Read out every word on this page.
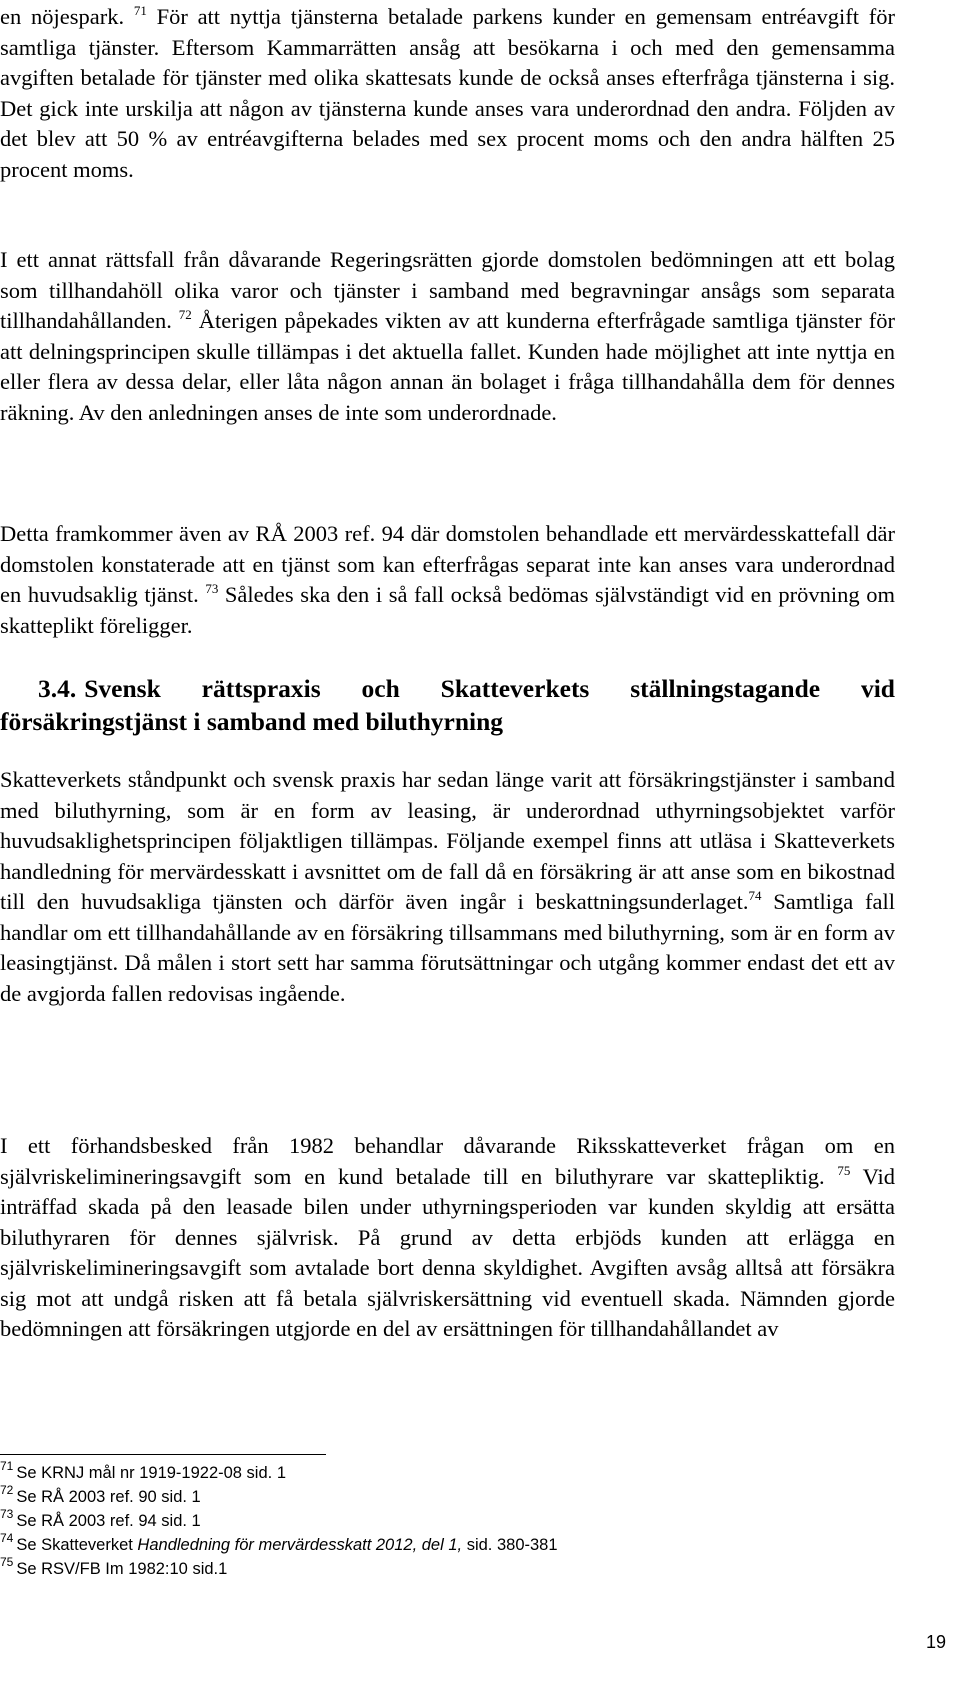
en nöjespark. $^{71}$ För att nyttja tjänsterna betalade parkens kunder en gemensam entréavgift för samtliga tjänster. Eftersom Kammarrätten ansåg att besökarna i och med den gemensamma avgiften betalade för tjänster med olika skattesats kunde de också anses efterfråga tjänsterna i sig. Det gick inte urskilja att någon av tjänsterna kunde anses vara underordnad den andra. Följden av det blev att 50 % av entréavgifterna belades med sex procent moms och den andra hälften 25 procent moms.

I ett annat rättsfall från dåvarande Regeringsrätten gjorde domstolen bedömningen att ett bolag som tillhandahöll olika varor och tjänster i samband med begravningar ansågs som separata tillhandahållanden. $^{72}$ Återigen påpekades vikten av att kunderna efterfrågade samtliga tjänster för att delningsprincipen skulle tillämpas i det aktuella fallet. Kunden hade möjlighet att inte nyttja en eller flera av dessa delar, eller låta någon annan än bolaget i fråga tillhandahålla dem för dennes räkning. Av den anledningen anses de inte som underordnade.

Detta framkommer även av RÅ 2003 ref. 94 där domstolen behandlade ett mervärdesskattefall där domstolen konstaterade att en tjänst som kan efterfrågas separat inte kan anses vara underordnad en huvudsaklig tjänst. $^{73}$ Således ska den i så fall också bedömas självständigt vid en prövning om skatteplikt föreligger.

3.4. Svensk rättspraxis och Skatteverkets ställningstagande vid försäkringstjänst i samband med biluthyrning

Skatteverkets ståndpunkt och svensk praxis har sedan länge varit att försäkringstjänster i samband med biluthyrning, som är en form av leasing, är underordnad uthyrningsobjektet varför huvudsaklighetsprincipen följaktligen tillämpas. Följande exempel finns att utläsa i Skatteverkets handledning för mervärdesskatt i avsnittet om de fall då en försäkring är att anse som en bikostnad till den huvudsakliga tjänsten och därför även ingår i beskattningsunderlaget.$^{74}$ Samtliga fall handlar om ett tillhandahållande av en försäkring tillsammans med biluthyrning, som är en form av leasingtjänst. Då målen i stort sett har samma förutsättningar och utgång kommer endast det ett av de avgjorda fallen redovisas ingående.

I ett förhandsbesked från 1982 behandlar dåvarande Riksskatteverket frågan om en självriskelimineringsavgift som en kund betalade till en biluthyrare var skattepliktig. $^{75}$ Vid inträffad skada på den leasade bilen under uthyrningsperioden var kunden skyldig att ersätta biluthyraren för dennes självrisk. På grund av detta erbjöds kunden att erlägga en självriskelimineringsavgift som avtalade bort denna skyldighet. Avgiften avsåg alltså att försäkra sig mot att undgå risken att få betala självriskersättning vid eventuell skada. Nämnden gjorde bedömningen att försäkringen utgjorde en del av ersättningen för tillhandahållandet av

$^{71}$ Se KRNJ mål nr 1919-1922-08 sid. 1

$^{72}$ Se RÅ 2003 ref. 90 sid. 1

$^{73}$ Se RÅ 2003 ref. 94 sid. 1

$^{74}$ Se Skatteverket Handledning för mervärdesskatt 2012, del 1, sid. 380-381

$^{75}$ Se RSV/FB Im 1982:10 sid.1

19
